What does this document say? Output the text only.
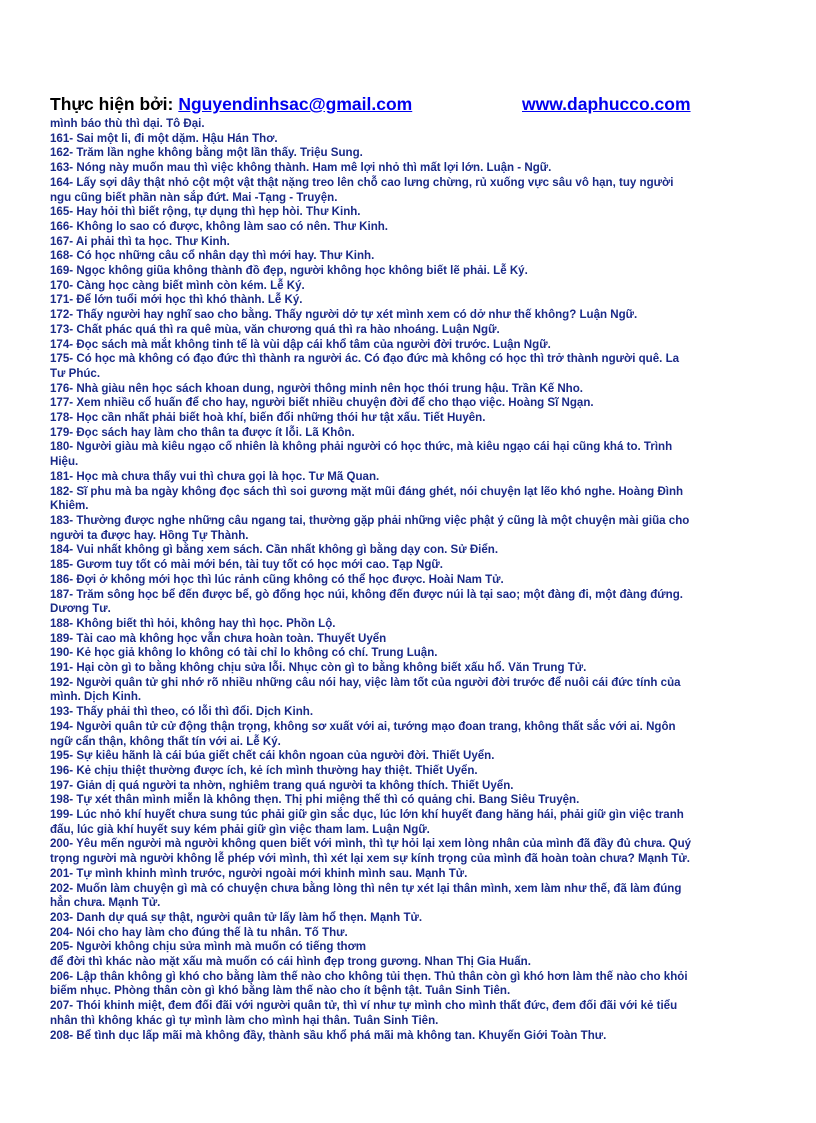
Thực hiện bởi: Nguyendinhsac@gmail.com	www.daphucco.com
mình báo thù thì dại. Tô Đại.
161- Sai một li, đi một dặm. Hậu Hán Thơ.
162- Trăm lần nghe không bằng một lần thấy. Triệu Sung.
163- Nóng này muốn mau thì việc không thành. Ham mê lợi nhỏ thì mất lợi lớn. Luận - Ngữ.
164- Lấy sợi dây thật nhỏ cột một vật thật nặng treo lên chỗ cao lưng chừng, rủ xuống vực sâu vô hạn, tuy người
ngu cũng biết phần nàn sắp đứt. Mai -Tạng - Truyện.
165- Hay hỏi thì biết rộng, tự dụng thì hẹp hòi. Thư Kinh.
166- Không lo sao có được, không làm sao có nên. Thư Kinh.
167- Ai phải thì ta học. Thư Kinh.
168- Có học những câu cổ nhân dạy thì mới hay. Thư Kinh.
169- Ngọc không giũa không thành đồ đẹp, người không học không biết lẽ phải. Lễ Ký.
170- Càng học càng biết mình còn kém. Lễ Ký.
171- Để lớn tuổi mới học thì khó thành. Lễ Ký.
172- Thấy người hay nghĩ sao cho bằng. Thấy người dở tự xét mình xem có dở như thế không? Luận Ngữ.
173- Chất phác quá thì ra quê mùa, văn chương quá thì ra hào nhoáng. Luận Ngữ.
174- Đọc sách mà mắt không tinh tế là vùi dập cái khổ tâm của người đời trước. Luận Ngữ.
175- Có học mà không có đạo đức thì thành ra người ác. Có đạo đức mà không có học thì trở thành người quê. La
Tư Phúc.
176- Nhà giàu nên học sách khoan dung, người thông minh nên học thói trung hậu. Trần Kế Nho.
177- Xem nhiều cổ huấn để cho hay, người biết nhiều chuyện đời để cho thạo việc. Hoàng Sĩ Ngạn.
178- Học cần nhất phải biết hoà khí, biến đổi những thói hư tật xấu. Tiết Huyên.
179- Đọc sách hay làm cho thân ta được ít lỗi. Lã Khôn.
180- Người giàu mà kiêu ngạo cố nhiên là không phải người có học thức, mà kiêu ngạo cái hại cũng khá to. Trình
Hiệu.
181- Học mà chưa thấy vui thì chưa gọi là học. Tư Mã Quan.
182- Sĩ phu mà ba ngày không đọc sách thì soi gương mặt mũi đáng ghét, nói chuyện lạt lẽo khó nghe. Hoàng Đình
Khiêm.
183- Thường được nghe những câu ngang tai, thường gặp phải những việc phật ý cũng là một chuyện mài giũa cho
người ta được hay. Hồng Tự Thành.
184- Vui nhất không gì bằng xem sách. Cần nhất không gì bằng dạy con. Sử Điển.
185- Gươm tuy tốt có mài mới bén, tài tuy tốt có học mới cao. Tạp Ngữ.
186- Đợi ở không mới học thì lúc rảnh cũng không có thể học được. Hoài Nam Tử.
187- Trăm sông học bể đến được bể, gò đống học núi, không đến được núi là tại sao; một đàng đi, một đàng đứng.
Dương Tư.
188- Không biết thì hỏi, không hay thì học. Phồn Lộ.
189- Tài cao mà không học vẫn chưa hoàn toàn. Thuyết Uyển
190- Kẻ học giả không lo không có tài chỉ lo không có chí. Trung Luận.
191- Hại còn gì to bằng không chịu sửa lỗi. Nhục còn gì to bằng không biết xấu hổ. Văn Trung Tử.
192- Người quân tử ghi nhớ rõ nhiều những câu nói hay, việc làm tốt của người đời trước để nuôi cái đức tính của
mình. Dịch Kinh.
193- Thấy phải thì theo, có lỗi thì đổi. Dịch Kinh.
194- Người quân tử cử động thận trọng, không sơ xuất với ai, tướng mạo đoan trang, không thất sắc với ai. Ngôn
ngữ cẩn thận, không thất tín với ai. Lễ Ký.
195- Sự kiêu hãnh là cái búa giết chết cái khôn ngoan của người đời. Thiết Uyển.
196- Kẻ chịu thiệt thường được ích, kẻ ích mình thường hay thiệt. Thiết Uyển.
197- Giản dị quá người ta nhờn, nghiêm trang quá người ta không thích. Thiết Uyển.
198- Tự xét thân mình miễn là không thẹn. Thị phi miệng thế thì có quảng chi. Bang Siêu Truyện.
199- Lúc nhỏ khí huyết chưa sung túc phải giữ gìn sắc dục, lúc lớn khí huyết đang hăng hái, phải giữ gìn việc tranh
đấu, lúc già khí huyết suy kém phải giữ gìn việc tham lam. Luận Ngữ.
200- Yêu mến người mà người không quen biết với mình, thì tự hỏi lại xem lòng nhân của mình đã đầy đủ chưa. Quý
trọng người mà người không lễ phép với mình, thì xét lại xem sự kính trọng của mình đã hoàn toàn chưa? Mạnh Tử.
201- Tự mình khinh mình trước, người ngoài mới khinh mình sau. Mạnh Tử.
202- Muốn làm chuyện gì mà có chuyện chưa bằng lòng thì nên tự xét lại thân mình, xem làm như thế, đã làm đúng
hẳn chưa. Mạnh Tử.
203- Danh dự quá sự thật, người quân tử lấy làm hổ thẹn. Mạnh Tử.
204- Nói cho hay làm cho đúng thế là tu nhân. Tố Thư.
205- Người không chịu sửa mình mà muốn có tiếng thơm
để đời thì khác nào mặt xấu mà muốn có cái hình đẹp trong gương. Nhan Thị Gia Huấn.
206- Lập thân không gì khó cho bằng làm thế nào cho không tủi thẹn. Thủ thân còn gì khó hơn làm thế nào cho khỏi
biếm nhục. Phòng thân còn gì khó bằng làm thế nào cho ít bệnh tật. Tuân Sinh Tiên.
207- Thói khinh miệt, đem đối đãi với người quân tử, thì ví như tự mình cho mình thất đức, đem đối đãi với kẻ tiểu
nhân thì không khác gì tự mình làm cho mình hại thân. Tuân Sinh Tiên.
208- Bể tình dục lấp mãi mà không đầy, thành sầu khổ phá mãi mà không tan. Khuyến Giới Toàn Thư.
